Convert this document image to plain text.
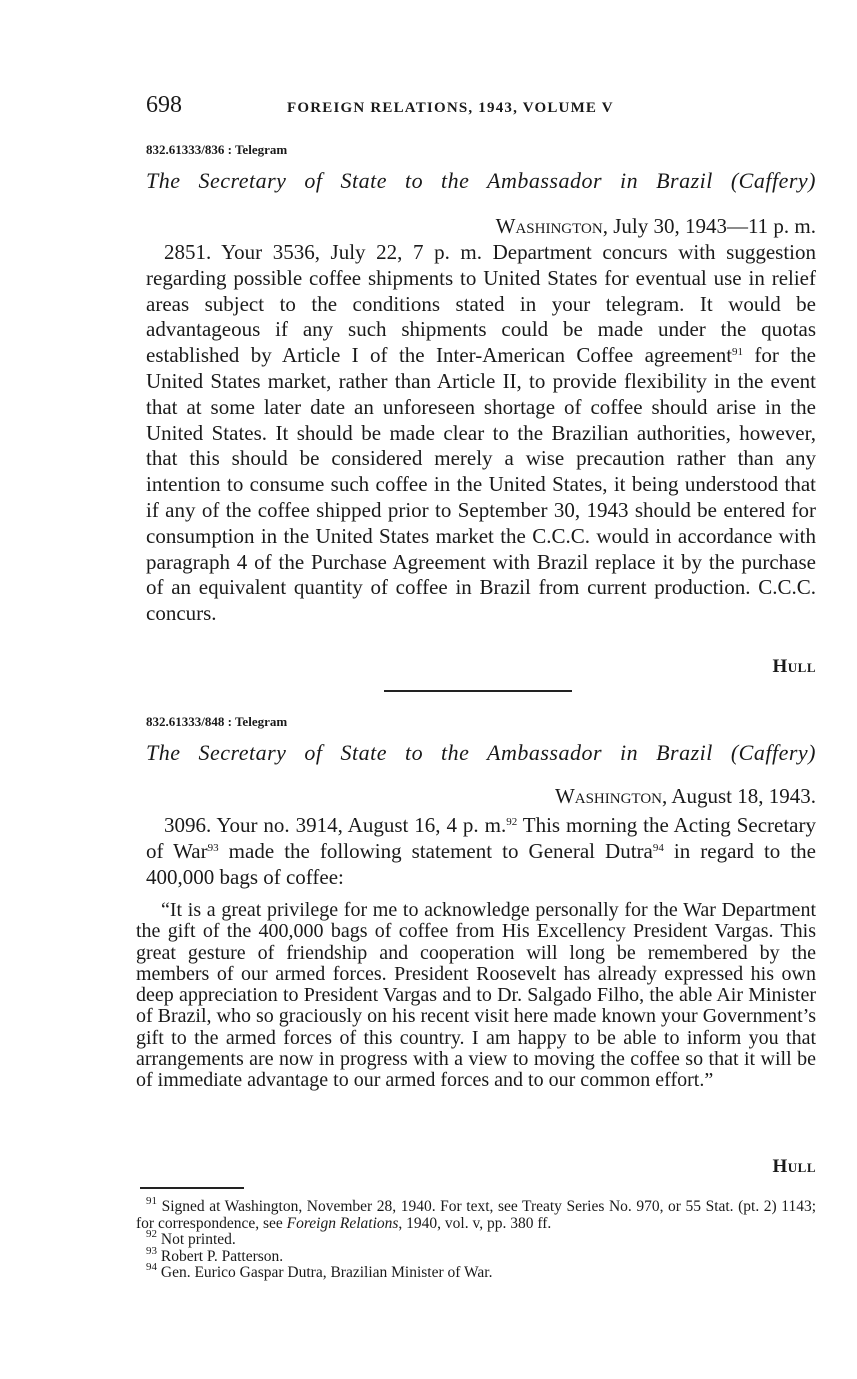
698	FOREIGN RELATIONS, 1943, VOLUME V
832.61333/836 : Telegram
The Secretary of State to the Ambassador in Brazil (Caffery)
Washington, July 30, 1943—11 p. m.

2851. Your 3536, July 22, 7 p. m. Department concurs with suggestion regarding possible coffee shipments to United States for eventual use in relief areas subject to the conditions stated in your telegram. It would be advantageous if any such shipments could be made under the quotas established by Article I of the Inter-American Coffee agreement$^{91}$ for the United States market, rather than Article II, to provide flexibility in the event that at some later date an unforeseen shortage of coffee should arise in the United States. It should be made clear to the Brazilian authorities, however, that this should be considered merely a wise precaution rather than any intention to consume such coffee in the United States, it being understood that if any of the coffee shipped prior to September 30, 1943 should be entered for consumption in the United States market the C.C.C. would in accordance with paragraph 4 of the Purchase Agreement with Brazil replace it by the purchase of an equivalent quantity of coffee in Brazil from current production. C.C.C. concurs.

Hull
832.61333/848 : Telegram
The Secretary of State to the Ambassador in Brazil (Caffery)
Washington, August 18, 1943.

3096. Your no. 3914, August 16, 4 p. m.$^{92}$ This morning the Acting Secretary of War$^{93}$ made the following statement to General Dutra$^{94}$ in regard to the 400,000 bags of coffee:

“It is a great privilege for me to acknowledge personally for the War Department the gift of the 400,000 bags of coffee from His Excellency President Vargas. This great gesture of friendship and cooperation will long be remembered by the members of our armed forces. President Roosevelt has already expressed his own deep appreciation to President Vargas and to Dr. Salgado Filho, the able Air Minister of Brazil, who so graciously on his recent visit here made known your Government’s gift to the armed forces of this country. I am happy to be able to inform you that arrangements are now in progress with a view to moving the coffee so that it will be of immediate advantage to our armed forces and to our common effort.”

Hull
$^{91}$ Signed at Washington, November 28, 1940. For text, see Treaty Series No. 970, or 55 Stat. (pt. 2) 1143; for correspondence, see Foreign Relations, 1940, vol. v, pp. 380 ff.
$^{92}$ Not printed.
$^{93}$ Robert P. Patterson.
$^{94}$ Gen. Eurico Gaspar Dutra, Brazilian Minister of War.
